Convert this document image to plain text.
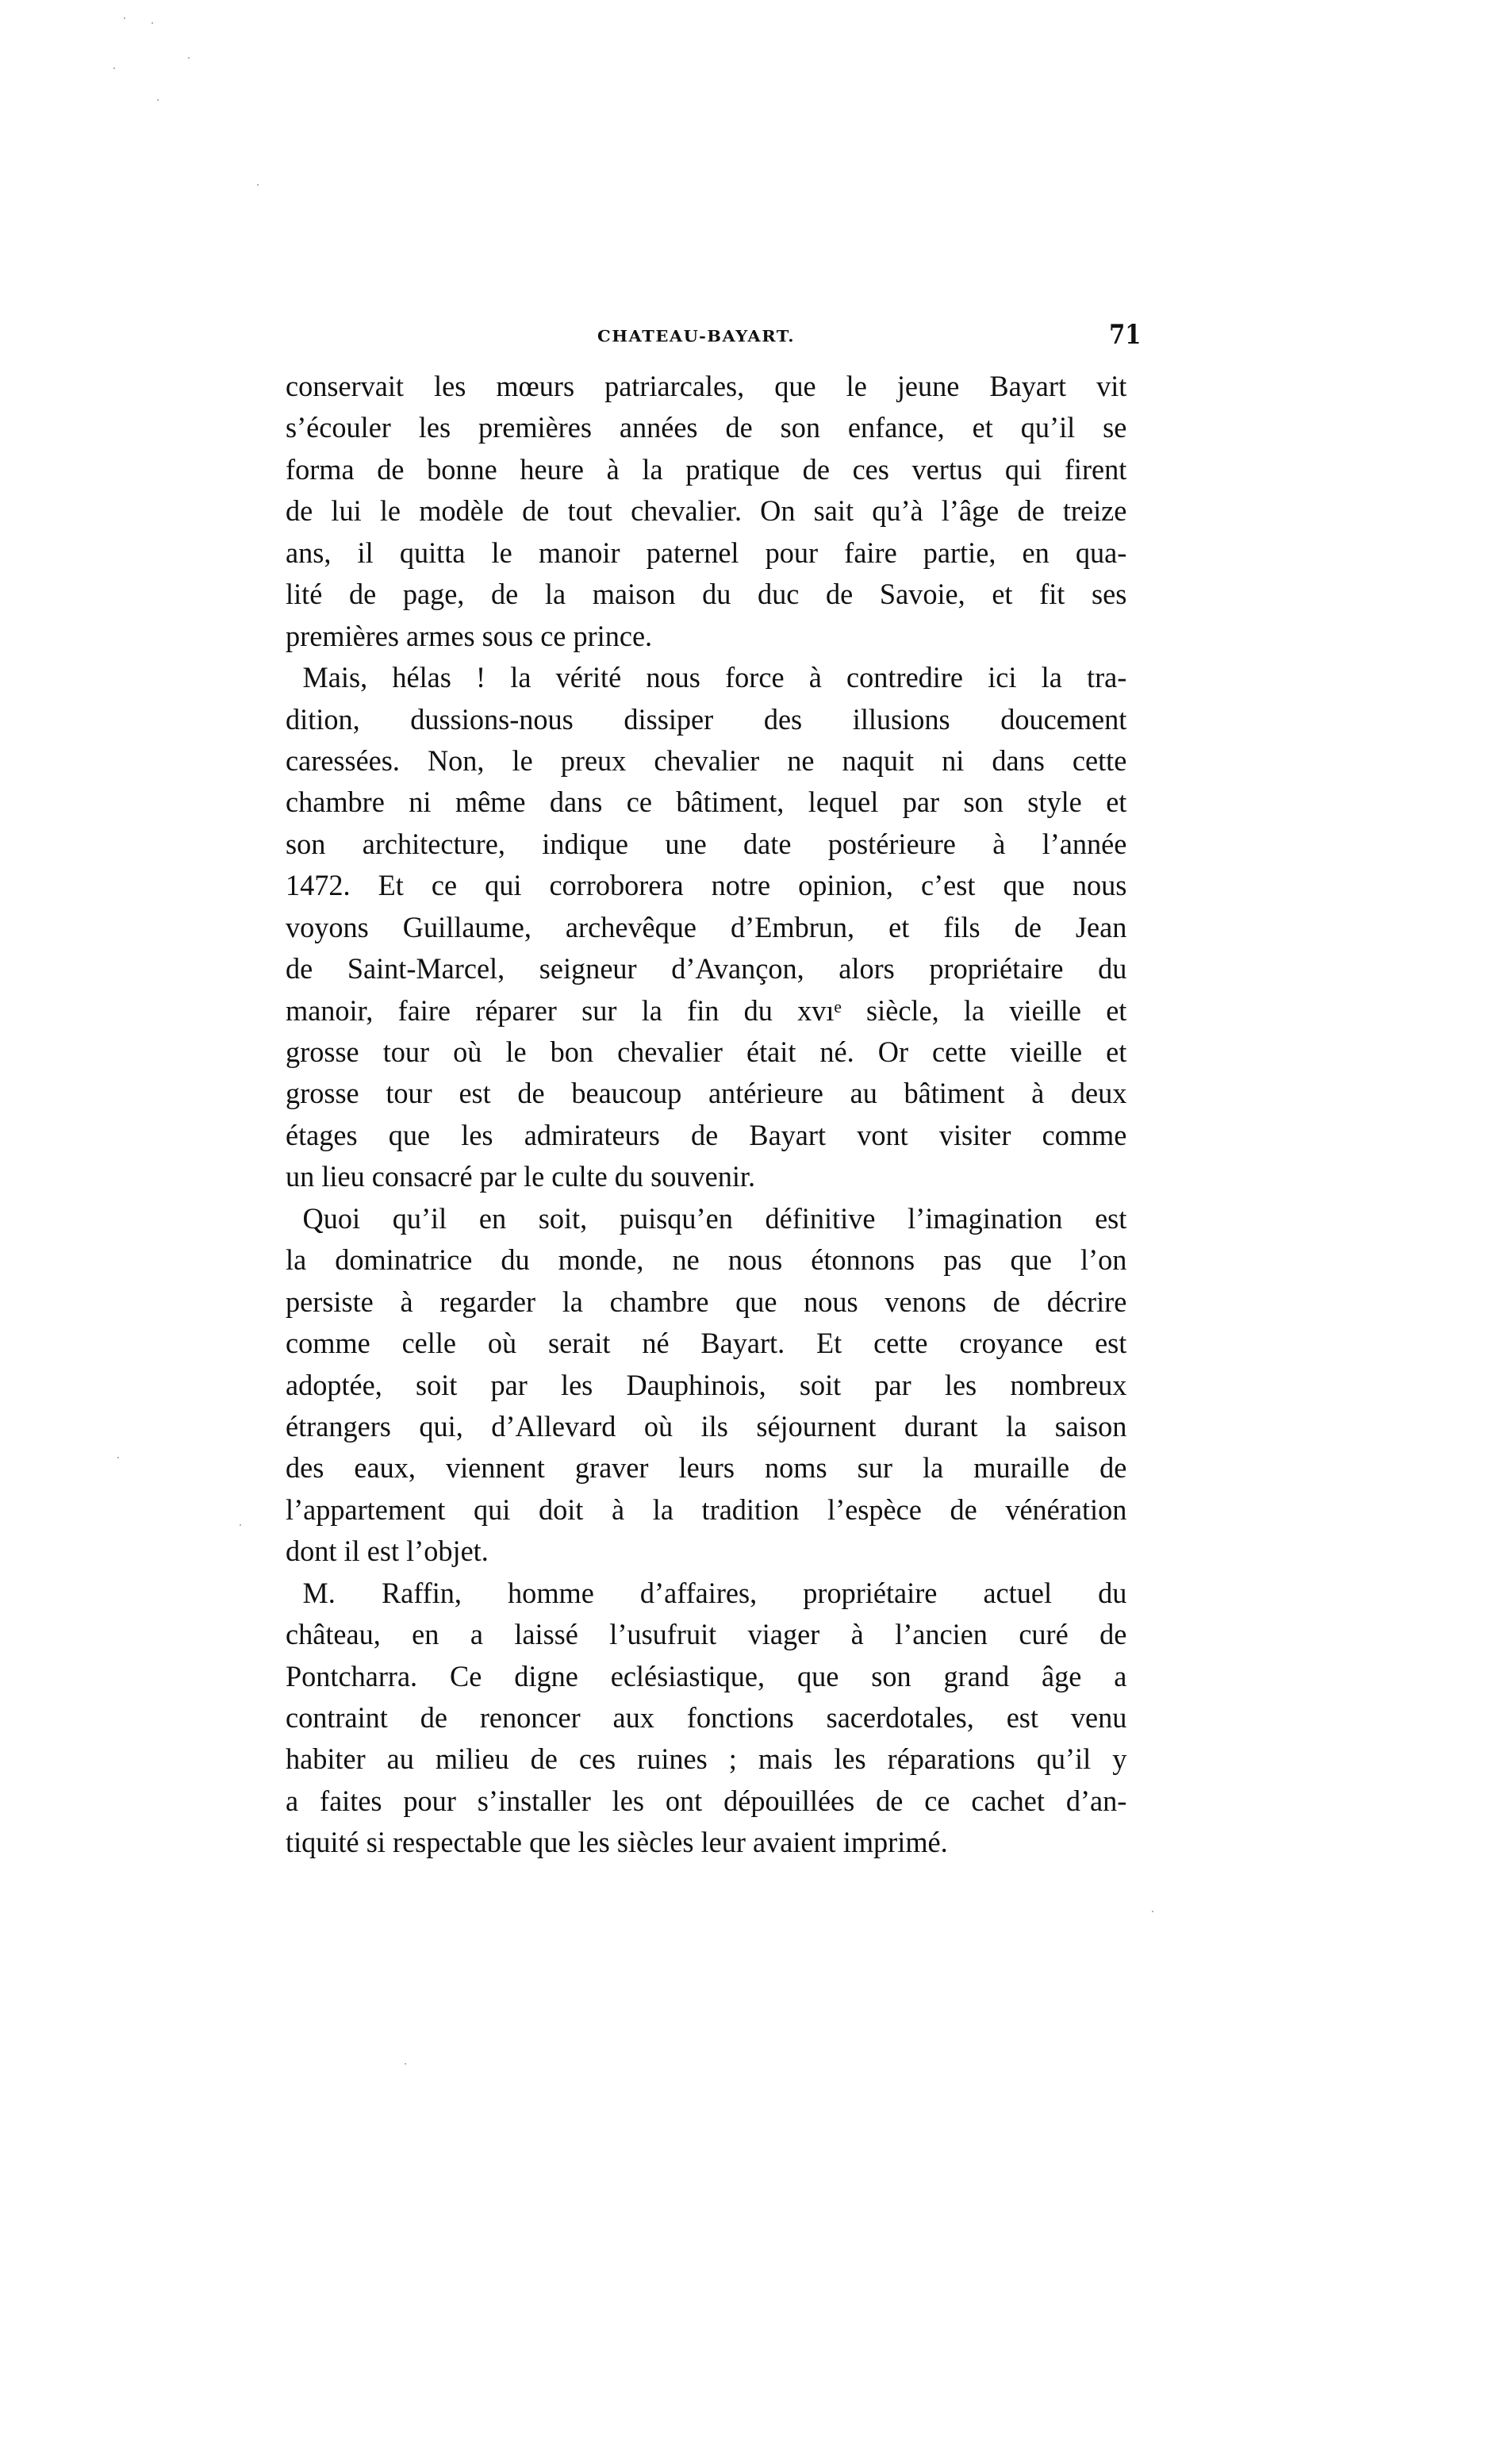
CHATEAU-BAYART.	71
conservait les mœurs patriarcales, que le jeune Bayart vit
s’écouler les premières années de son enfance, et qu’il se
forma de bonne heure à la pratique de ces vertus qui firent
de lui le modèle de tout chevalier. On sait qu’à l’âge de treize
ans, il quitta le manoir paternel pour faire partie, en qua-
lité de page, de la maison du duc de Savoie, et fit ses
premières armes sous ce prince.
Mais, hélas ! la vérité nous force à contredire ici la tra-
dition, dussions-nous dissiper des illusions doucement
caressées. Non, le preux chevalier ne naquit ni dans cette
chambre ni même dans ce bâtiment, lequel par son style et
son architecture, indique une date postérieure à l’année
1472. Et ce qui corroborera notre opinion, c’est que nous
voyons Guillaume, archevêque d’Embrun, et fils de Jean
de Saint-Marcel, seigneur d’Avançon, alors propriétaire du
manoir, faire réparer sur la fin du xvıᵉ siècle, la vieille et
grosse tour où le bon chevalier était né. Or cette vieille et
grosse tour est de beaucoup antérieure au bâtiment à deux
étages que les admirateurs de Bayart vont visiter comme
un lieu consacré par le culte du souvenir.
Quoi qu’il en soit, puisqu’en définitive l’imagination est
la dominatrice du monde, ne nous étonnons pas que l’on
persiste à regarder la chambre que nous venons de décrire
comme celle où serait né Bayart. Et cette croyance est
adoptée, soit par les Dauphinois, soit par les nombreux
étrangers qui, d’Allevard où ils séjournent durant la saison
des eaux, viennent graver leurs noms sur la muraille de
l’appartement qui doit à la tradition l’espèce de vénération
dont il est l’objet.
M. Raffin, homme d’affaires, propriétaire actuel du
château, en a laissé l’usufruit viager à l’ancien curé de
Pontcharra. Ce digne eclésiastique, que son grand âge a
contraint de renoncer aux fonctions sacerdotales, est venu
habiter au milieu de ces ruines ; mais les réparations qu’il y
a faites pour s’installer les ont dépouillées de ce cachet d’an-
tiquité si respectable que les siècles leur avaient imprimé.
